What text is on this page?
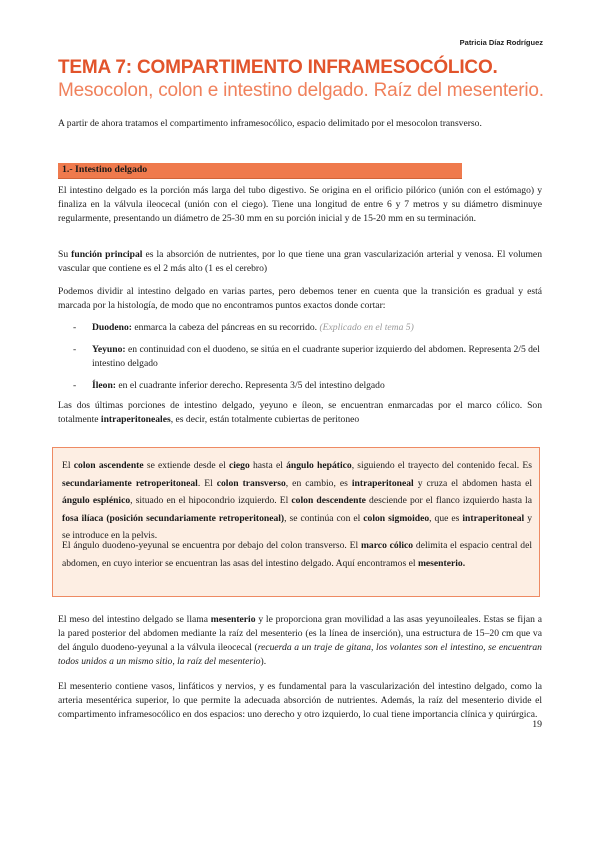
Patricia Díaz Rodríguez
TEMA 7: COMPARTIMENTO INFRAMESOCÓLICO.
Mesocolon, colon e intestino delgado. Raíz del mesenterio.
A partir de ahora tratamos el compartimento inframesocólico, espacio delimitado por el mesocolon transverso.
1.- Intestino delgado
El intestino delgado es la porción más larga del tubo digestivo. Se origina en el orificio pilórico (unión con el estómago) y finaliza en la válvula ileocecal (unión con el ciego). Tiene una longitud de entre 6 y 7 metros y su diámetro disminuye regularmente, presentando un diámetro de 25-30 mm en su porción inicial y de 15-20 mm en su terminación.
Su función principal es la absorción de nutrientes, por lo que tiene una gran vascularización arterial y venosa. El volumen vascular que contiene es el 2 más alto (1 es el cerebro)
Podemos dividir al intestino delgado en varias partes, pero debemos tener en cuenta que la transición es gradual y está marcada por la histología, de modo que no encontramos puntos exactos donde cortar:
- Duodeno: enmarca la cabeza del páncreas en su recorrido. (Explicado en el tema 5)
- Yeyuno: en continuidad con el duodeno, se sitúa en el cuadrante superior izquierdo del abdomen. Representa 2/5 del intestino delgado
- Íleon: en el cuadrante inferior derecho. Representa 3/5 del intestino delgado
Las dos últimas porciones de intestino delgado, yeyuno e íleon, se encuentran enmarcadas por el marco cólico. Son totalmente intraperitoneales, es decir, están totalmente cubiertas de peritoneo
El colon ascendente se extiende desde el ciego hasta el ángulo hepático, siguiendo el trayecto del contenido fecal. Es secundariamente retroperitoneal. El colon transverso, en cambio, es intraperitoneal y cruza el abdomen hasta el ángulo esplénico, situado en el hipocondrio izquierdo. El colon descendente desciende por el flanco izquierdo hasta la fosa ilíaca (posición secundariamente retroperitoneal), se continúa con el colon sigmoideo, que es intraperitoneal y se introduce en la pelvis.
El ángulo duodeno-yeyunal se encuentra por debajo del colon transverso. El marco cólico delimita el espacio central del abdomen, en cuyo interior se encuentran las asas del intestino delgado. Aquí encontramos el mesenterio.
El meso del intestino delgado se llama mesenterio y le proporciona gran movilidad a las asas yeyunoileales. Estas se fijan a la pared posterior del abdomen mediante la raíz del mesenterio (es la línea de inserción), una estructura de 15–20 cm que va del ángulo duodeno-yeyunal a la válvula ileocecal (recuerda a un traje de gitana, los volantes son el intestino, se encuentran todos unidos a un mismo sitio, la raíz del mesenterio).
El mesenterio contiene vasos, linfáticos y nervios, y es fundamental para la vascularización del intestino delgado, como la arteria mesentérica superior, lo que permite la adecuada absorción de nutrientes. Además, la raíz del mesenterio divide el compartimento inframesocólico en dos espacios: uno derecho y otro izquierdo, lo cual tiene importancia clínica y quirúrgica.
19
